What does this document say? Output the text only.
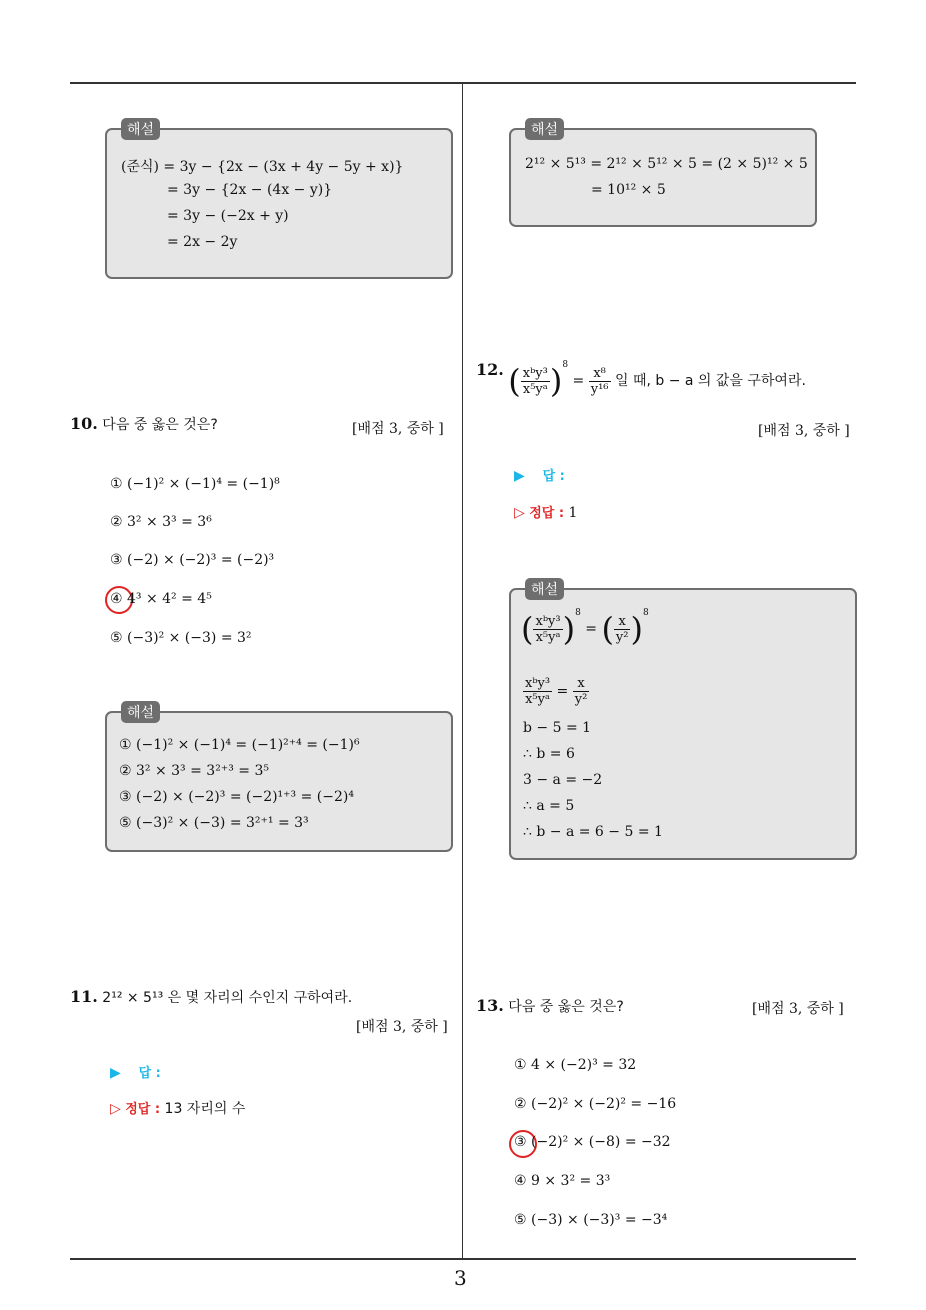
해설
(준식) = 3y − {2x − (3x + 4y − 5y + x)}
= 3y − {2x − (4x − y)}
= 3y − (−2x + y)
= 2x − 2y
해설
2¹² × 5¹³ = 2¹² × 5¹² × 5 = (2 × 5)¹² × 5
= 10¹² × 5
10. 다음 중 옳은 것은?	[배점 3, 중하 ]
① (−1)² × (−1)⁴ = (−1)⁸
② 3² × 3³ = 3⁶
③ (−2) × (−2)³ = (−2)³
④ 4³ × 4² = 4⁵
⑤ (−3)² × (−3) = 3²
해설
① (−1)² × (−1)⁴ = (−1)²⁺⁴ = (−1)⁶
② 3² × 3³ = 3²⁺³ = 3⁵
③ (−2) × (−2)³ = (−2)¹⁺³ = (−2)⁴
⑤ (−3)² × (−3) = 3²⁺¹ = 3³
11. 2¹² × 5¹³ 은 몇 자리의 수인지 구하여라.
[배점 3, 중하 ]
▶ 답 :
▷ 정답 : 13 자리의 수
12. ( $\frac{\text{xᵇy³}}{\text{x⁵yᵃ}} )^8 = \frac{\text{x⁸}}{\text{y¹⁶}}$ 일 때, b − a 의 값을 구하여라.
[배점 3, 중하 ]
▶ 답 :
▷ 정답 : 1
해설
( $\frac{\text{xᵇy³}}{\text{x⁵yᵃ}} )^8$ = ( $\frac{x}{\text{y²}} )^8$
$\frac{\text{xᵇy³}}{\text{x⁵yᵃ}} = \frac{x}{\text{y²}}$
b − 5 = 1
∴ b = 6
3 − a = −2
∴ a = 5
∴ b − a = 6 − 5 = 1
13. 다음 중 옳은 것은?	[배점 3, 중하 ]
① 4 × (−2)³ = 32
② (−2)² × (−2)² = −16
③ (−2)² × (−8) = −32
④ 9 × 3² = 3³
⑤ (−3) × (−3)³ = −3⁴
3
